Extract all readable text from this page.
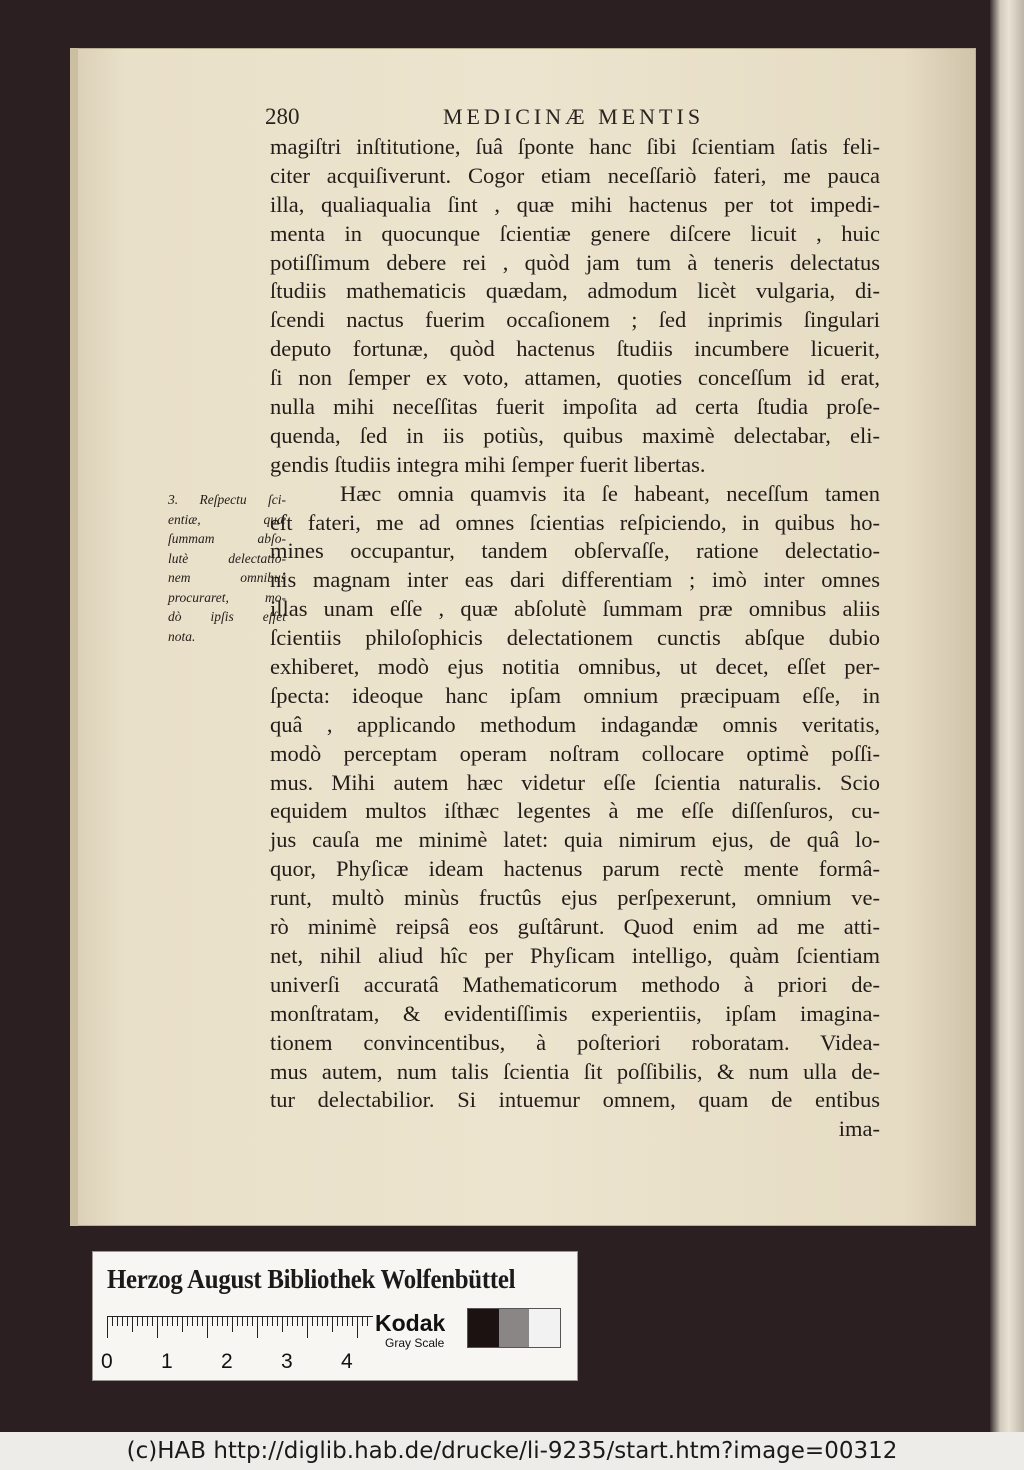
280	MEDICINÆ MENTIS
magiſtri inſtitutione, ſuâ ſponte hanc ſibi ſcientiam ſatis feli-
citer acquiſiverunt. Cogor etiam neceſſariò fateri, me pauca
illa, qualiaqualia ſint , quæ mihi hactenus per tot impedi-
menta in quocunque ſcientiæ genere diſcere licuit , huic
potiſſimum debere rei , quòd jam tum à teneris delectatus
ſtudiis mathematicis quædam, admodum licèt vulgaria, di-
ſcendi nactus fuerim occaſionem ; ſed inprimis ſingulari
deputo fortunæ, quòd hactenus ſtudiis incumbere licuerit,
ſi non ſemper ex voto, attamen, quoties conceſſum id erat,
nulla mihi neceſſitas fuerit impoſita ad certa ſtudia proſe-
quenda, ſed in iis potiùs, quibus maximè delectabar, eli-
gendis ſtudiis integra mihi ſemper fuerit libertas.
Hæc omnia quamvis ita ſe habeant, neceſſum tamen
eſt fateri, me ad omnes ſcientias reſpiciendo, in quibus ho-
mines occupantur, tandem obſervaſſe, ratione delectatio-
nis magnam inter eas dari differentiam ; imò inter omnes
illas unam eſſe , quæ abſolutè ſummam præ omnibus aliis
ſcientiis philoſophicis delectationem cunctis abſque dubio
exhiberet, modò ejus notitia omnibus, ut decet, eſſet per-
ſpecta: ideoque hanc ipſam omnium præcipuam eſſe, in
quâ , applicando methodum indagandæ omnis veritatis,
modò perceptam operam noſtram collocare optimè poſſi-
mus. Mihi autem hæc videtur eſſe ſcientia naturalis. Scio
equidem multos iſthæc legentes à me eſſe diſſenſuros, cu-
jus cauſa me minimè latet: quia nimirum ejus, de quâ lo-
quor, Phyſicæ ideam hactenus parum rectè mente formâ-
runt, multò minùs fructûs ejus perſpexerunt, omnium ve-
rò minimè reipsâ eos guſtârunt. Quod enim ad me atti-
net, nihil aliud hîc per Phyſicam intelligo, quàm ſcientiam
univerſi accuratâ Mathematicorum methodo à priori de-
monſtratam, & evidentiſſimis experientiis, ipſam imagina-
tionem convincentibus, à poſteriori roboratam. Videa-
mus autem, num talis ſcientia ſit poſſibilis, & num ulla de-
tur delectabilior. Si intuemur omnem, quam de entibus
ima-
3. Reſpectu ſci-
entiæ, quæ
ſummam abſo-
lutè delectatio-
nem omnibus
procuraret, mo-
dò ipſis eſſet
nota.
Herzog August Bibliothek Wolfenbüttel
0 1 2 3 4
Kodak
Gray Scale
(c)HAB http://diglib.hab.de/drucke/li-9235/start.htm?image=00312
